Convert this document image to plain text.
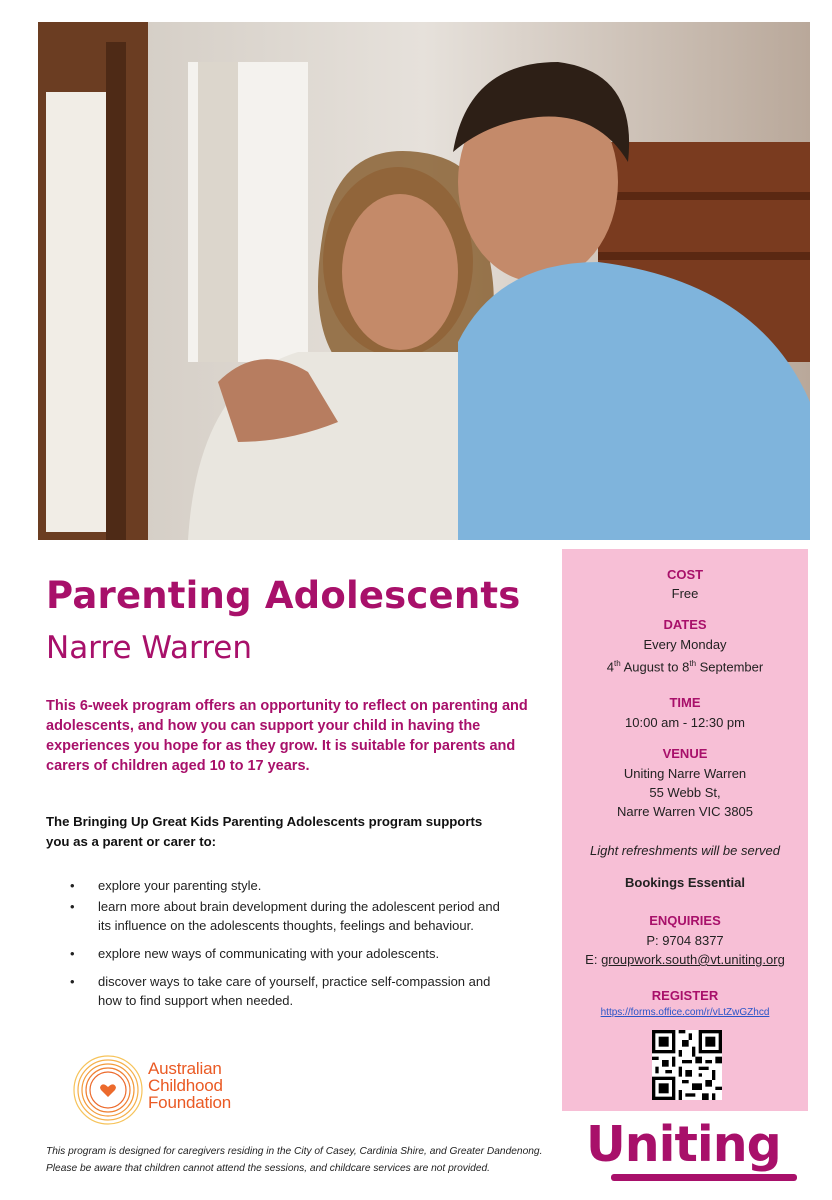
Parenting Adolescents
Narre Warren

This 6-week program offers an opportunity to reflect on parenting and adolescents, and how you can support your child in having the experiences you hope for as they grow. It is suitable for parents and carers of children aged 10 to 17 years.

The Bringing Up Great Kids Parenting Adolescents program supports you as a parent or carer to:

• explore your parenting style.
• learn more about brain development during the adolescent period and its influence on the adolescents thoughts, feelings and behaviour.
• explore new ways of communicating with your adolescents.
• discover ways to take care of yourself, practice self-compassion and how to find support when needed.
COST
Free
DATES
Every Monday
4th August to 8th September
TIME
10:00 am - 12:30 pm
VENUE
Uniting Narre Warren
55 Webb St,
Narre Warren VIC 3805
Light refreshments will be served
Bookings Essential
ENQUIRIES
P: 9704 8377
E: groupwork.south@vt.uniting.org
REGISTER
https://forms.office.com/r/vLtZwGZhcd
Australian
Childhood
Foundation
Uniting

This program is designed for caregivers residing in the City of Casey, Cardinia Shire, and Greater Dandenong. Please be aware that children cannot attend the sessions, and childcare services are not provided.
